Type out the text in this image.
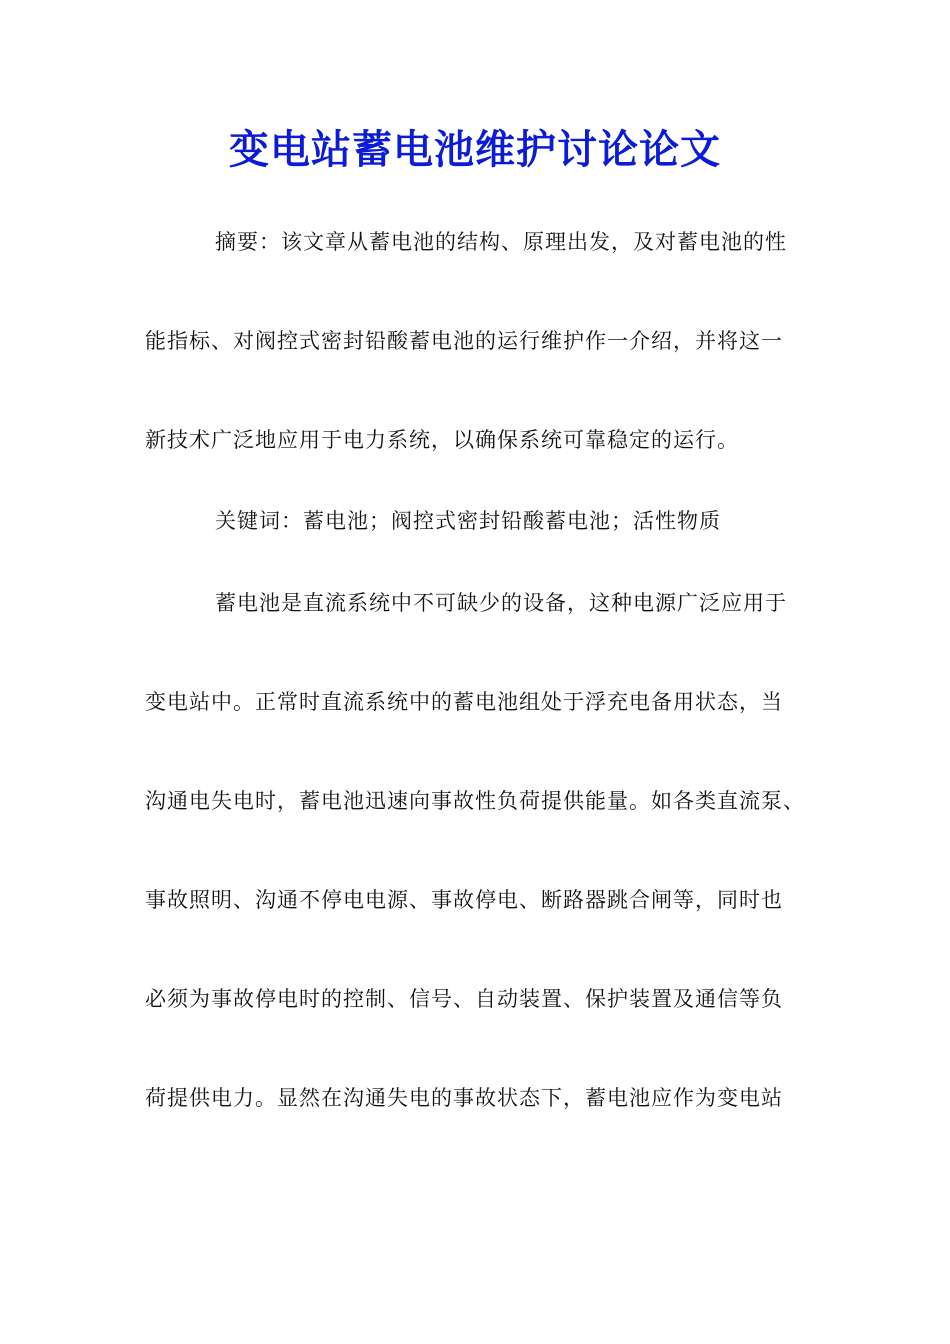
变电站蓄电池维护讨论论文
摘要：该文章从蓄电池的结构、原理出发，及对蓄电池的性
能指标、对阀控式密封铅酸蓄电池的运行维护作一介绍，并将这一
新技术广泛地应用于电力系统，以确保系统可靠稳定的运行。
关键词：蓄电池；阀控式密封铅酸蓄电池；活性物质
蓄电池是直流系统中不可缺少的设备，这种电源广泛应用于
变电站中。正常时直流系统中的蓄电池组处于浮充电备用状态，当
沟通电失电时，蓄电池迅速向事故性负荷提供能量。如各类直流泵、
事故照明、沟通不停电电源、事故停电、断路器跳合闸等，同时也
必须为事故停电时的控制、信号、自动装置、保护装置及通信等负
荷提供电力。显然在沟通失电的事故状态下，蓄电池应作为变电站
